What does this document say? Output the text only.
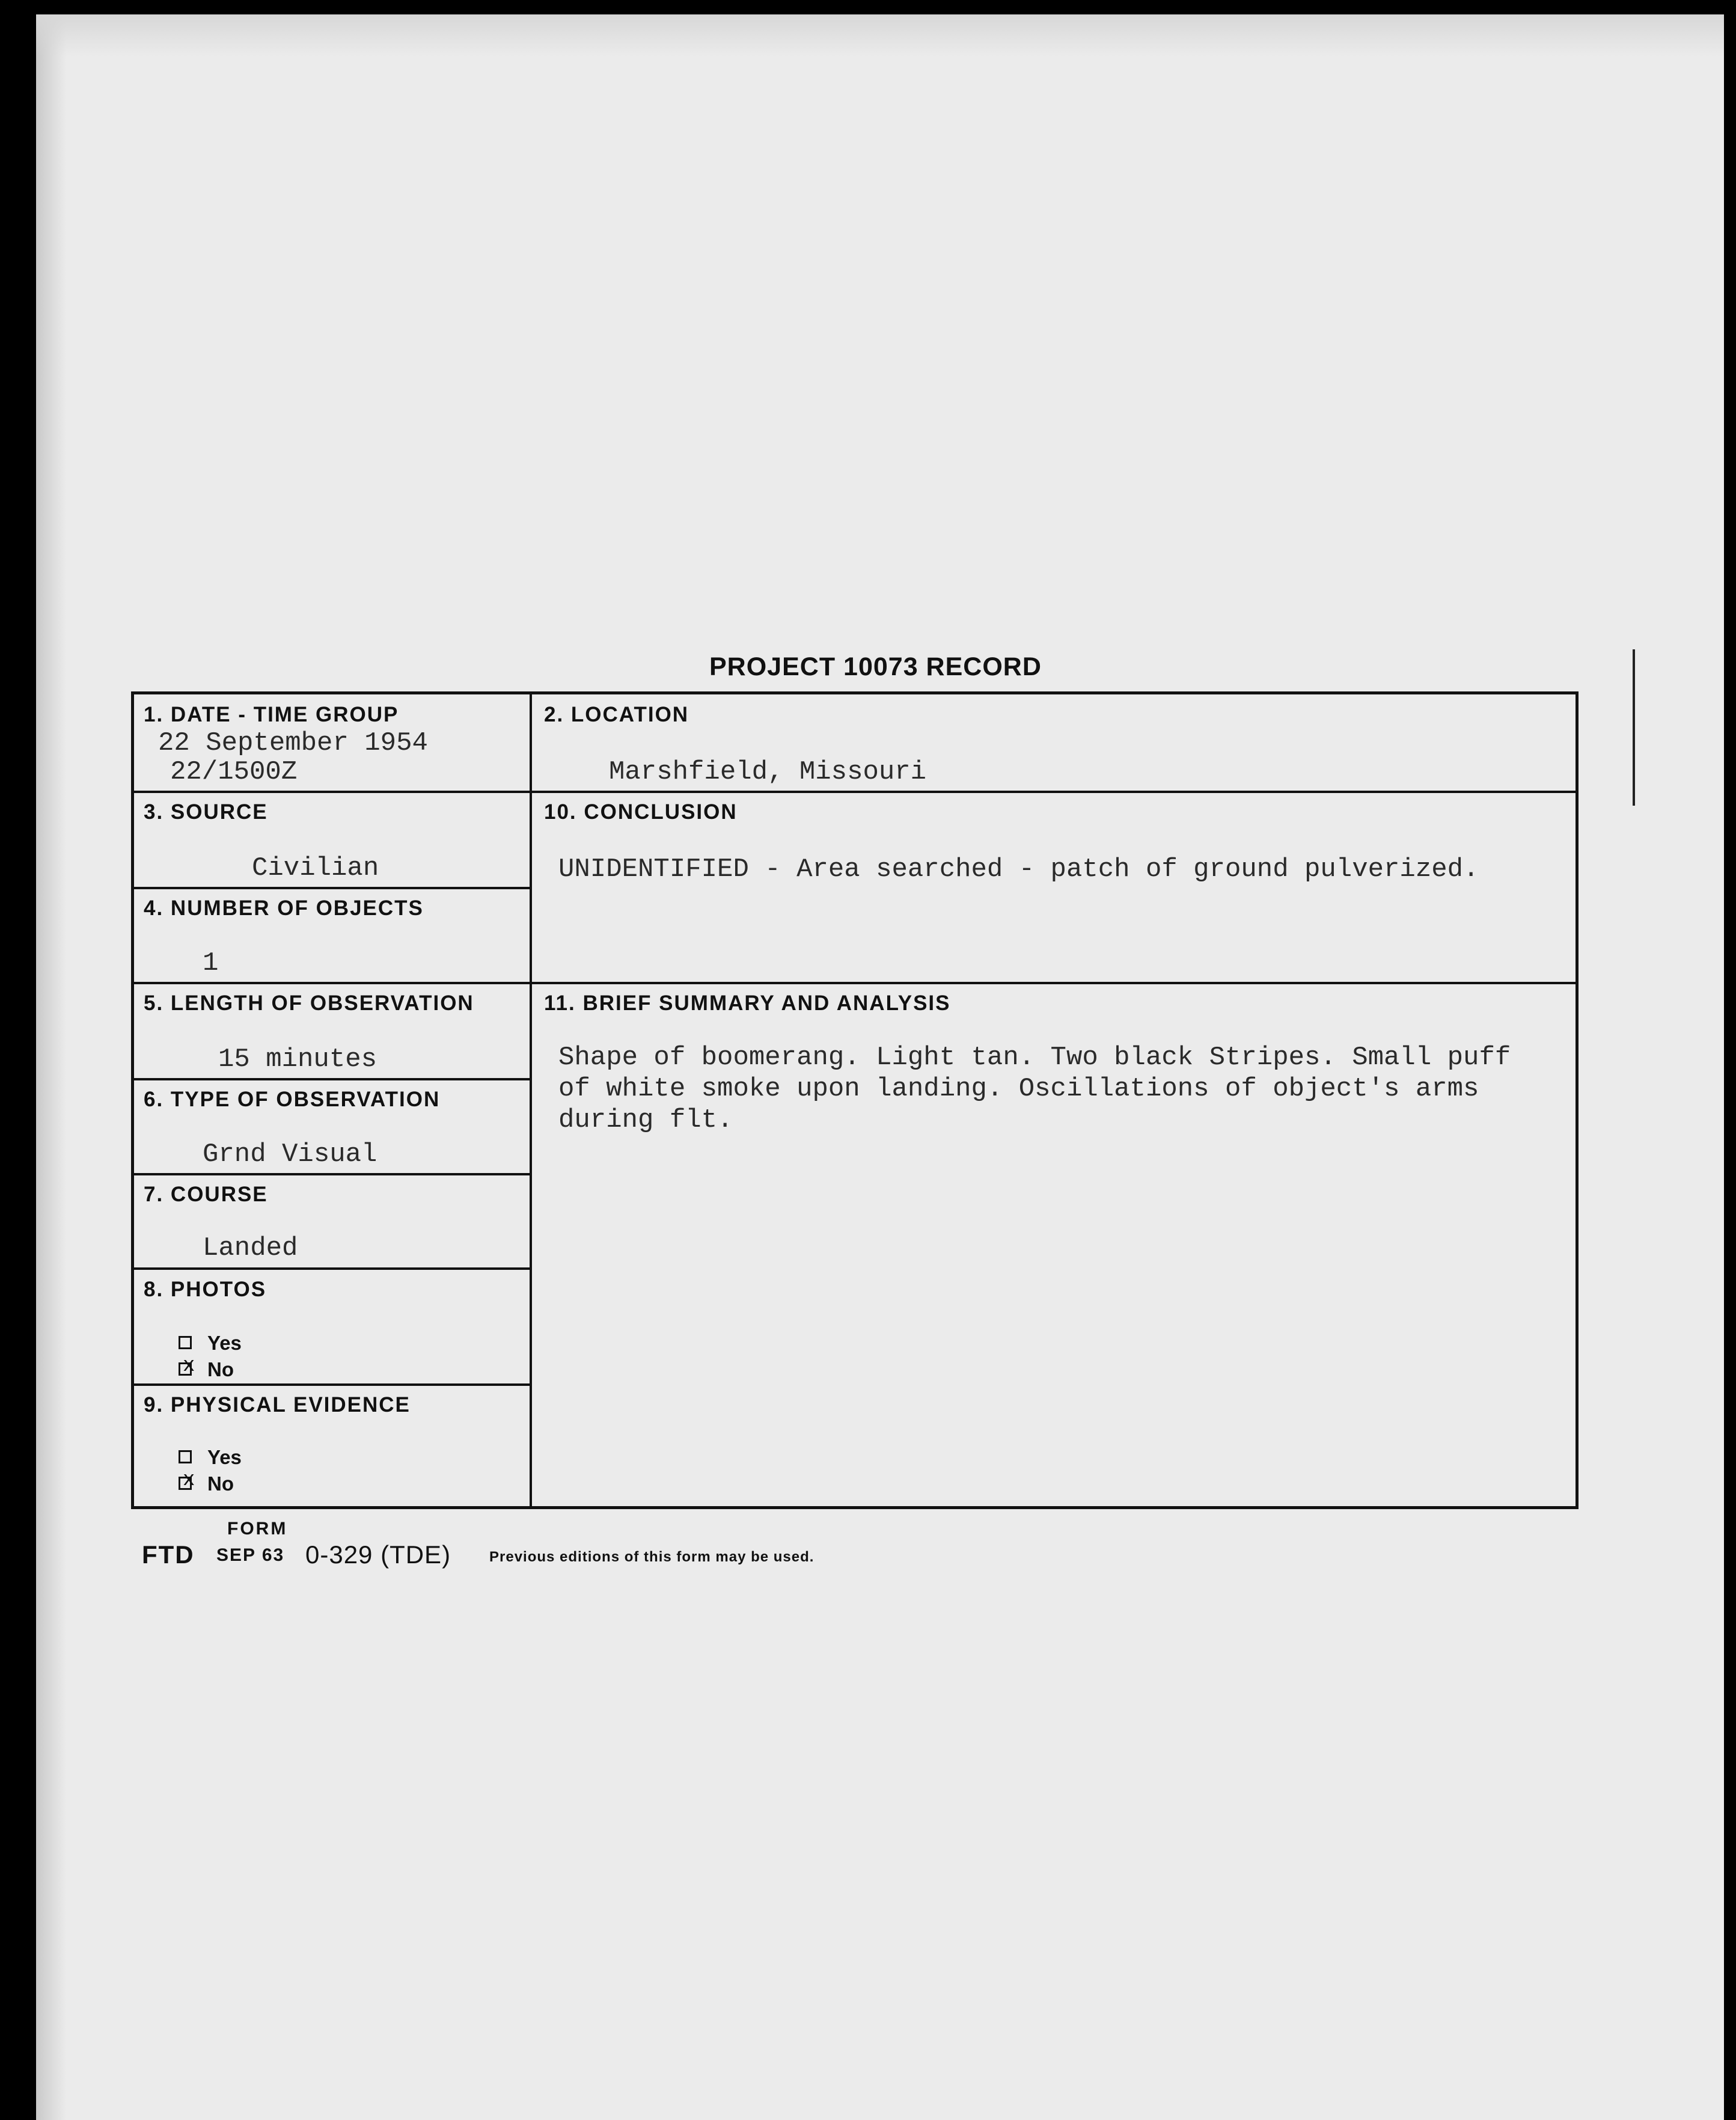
PROJECT 10073 RECORD
1. DATE - TIME GROUP
22 September 1954
22/1500Z
2. LOCATION
Marshfield, Missouri
3. SOURCE
Civilian
10. CONCLUSION
UNIDENTIFIED - Area searched - patch of ground pulverized.
4. NUMBER OF OBJECTS
1
5. LENGTH OF OBSERVATION
15 minutes
11. BRIEF SUMMARY AND ANALYSIS
Shape of boomerang. Light tan. Two black Stripes. Small puff
of white smoke upon landing. Oscillations of object's arms
during flt.
6. TYPE OF OBSERVATION
Grnd Visual
7. COURSE
Landed
8. PHOTOS
Yes
xNo
9. PHYSICAL EVIDENCE
Yes
xNo
FORM
FTD SEP 63 0-329 (TDE)	Previous editions of this form may be used.
